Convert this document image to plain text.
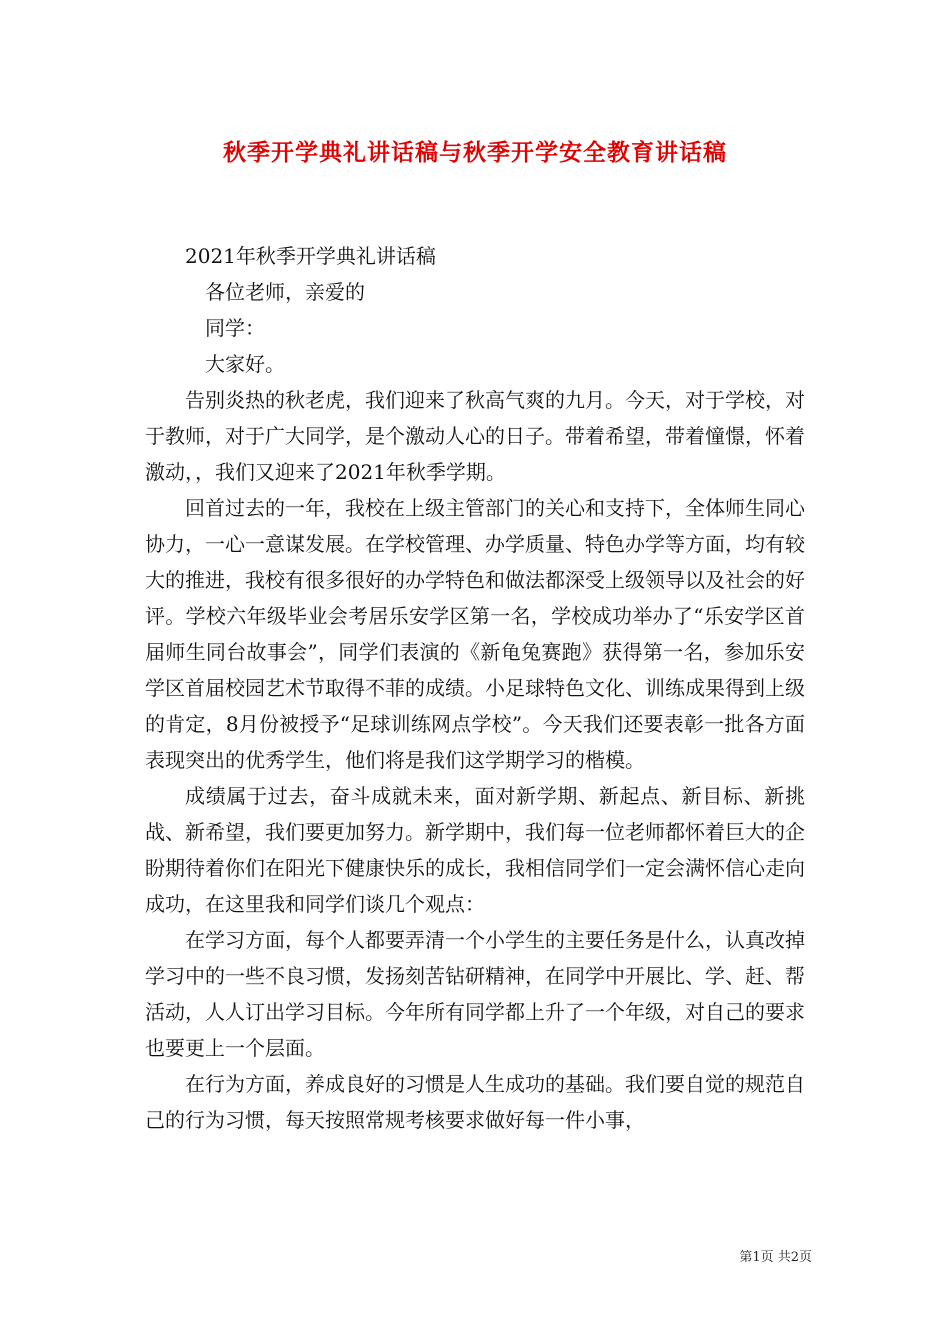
秋季开学典礼讲话稿与秋季开学安全教育讲话稿

2021年秋季开学典礼讲话稿

各位老师，亲爱的

同学：

大家好。

告别炎热的秋老虎，我们迎来了秋高气爽的九月。今天，对于学校，对于教师，对于广大同学，是个激动人心的日子。带着希望，带着憧憬，怀着激动，，我们又迎来了2021年秋季学期。

回首过去的一年，我校在上级主管部门的关心和支持下，全体师生同心协力，一心一意谋发展。在学校管理、办学质量、特色办学等方面，均有较大的推进，我校有很多很好的办学特色和做法都深受上级领导以及社会的好评。学校六年级毕业会考居乐安学区第一名，学校成功举办了“乐安学区首届师生同台故事会”，同学们表演的《新龟兔赛跑》获得第一名，参加乐安学区首届校园艺术节取得不菲的成绩。小足球特色文化、训练成果得到上级的肯定，8月份被授予“足球训练网点学校”。今天我们还要表彰一批各方面表现突出的优秀学生，他们将是我们这学期学习的楷模。

成绩属于过去，奋斗成就未来，面对新学期、新起点、新目标、新挑战、新希望，我们要更加努力。新学期中，我们每一位老师都怀着巨大的企盼期待着你们在阳光下健康快乐的成长，我相信同学们一定会满怀信心走向成功，在这里我和同学们谈几个观点：

在学习方面，每个人都要弄清一个小学生的主要任务是什么，认真改掉学习中的一些不良习惯，发扬刻苦钻研精神，在同学中开展比、学、赶、帮活动，人人订出学习目标。今年所有同学都上升了一个年级，对自己的要求也要更上一个层面。

在行为方面，养成良好的习惯是人生成功的基础。我们要自觉的规范自己的行为习惯，每天按照常规考核要求做好每一件小事，

第1页 共2页
